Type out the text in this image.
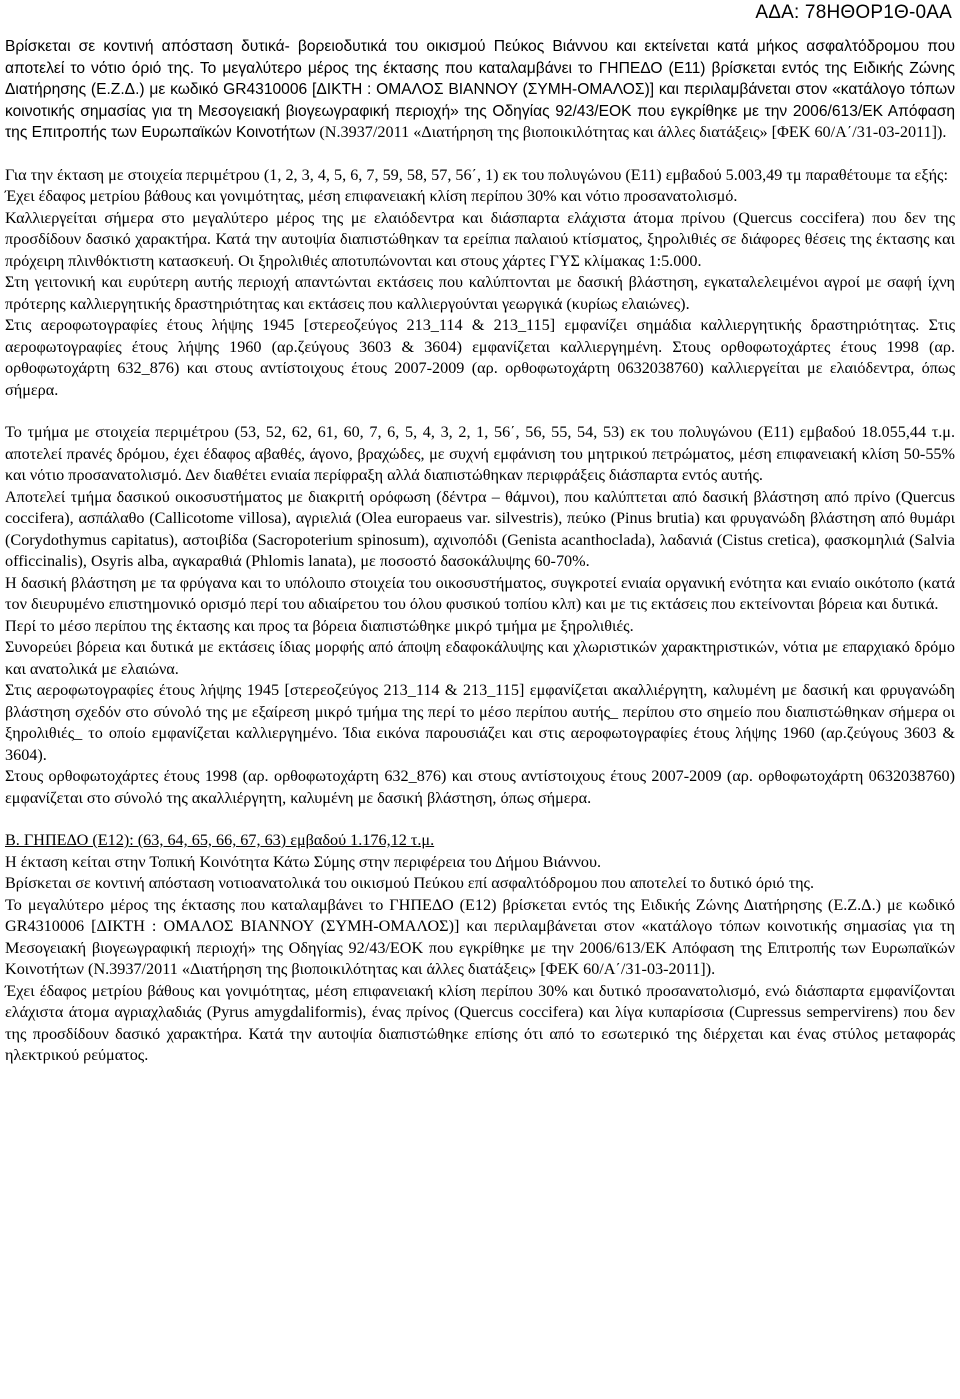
ΑΔΑ: 78ΗΘΟΡ1Θ-0ΑΑ

Βρίσκεται σε κοντινή απόσταση δυτικά- βορειοδυτικά του οικισμού Πεύκος Βιάννου και εκτείνεται κατά μήκος ασφαλτόδρομου που αποτελεί το νότιο όριό της. Το μεγαλύτερο μέρος της έκτασης που καταλαμβάνει το ΓΗΠΕΔΟ (Ε11) βρίσκεται εντός της Ειδικής Ζώνης Διατήρησης (Ε.Ζ.Δ.) με κωδικό GR4310006 [ΔΙΚΤΗ : ΟΜΑΛΟΣ ΒΙΑΝΝΟΥ (ΣΥΜΗ-ΟΜΑΛΟΣ)] και περιλαμβάνεται στον «κατάλογο τόπων κοινοτικής σημασίας για τη Μεσογειακή βιογεωγραφική περιοχή» της Οδηγίας 92/43/ΕΟΚ που εγκρίθηκε με την 2006/613/ΕΚ Απόφαση της Επιτροπής των Ευρωπαϊκών Κοινοτήτων (Ν.3937/2011 «Διατήρηση της βιοποικιλότητας και άλλες διατάξεις» [ΦΕΚ 60/Α΄/31-03-2011]).

Για την έκταση με στοιχεία περιμέτρου (1, 2, 3, 4, 5, 6, 7, 59, 58, 57, 56΄, 1) εκ του πολυγώνου (Ε11) εμβαδού 5.003,49 τμ παραθέτουμε τα εξής:

Έχει έδαφος μετρίου βάθους και γονιμότητας, μέση επιφανειακή κλίση περίπου 30% και νότιο προσανατολισμό.

Καλλιεργείται σήμερα στο μεγαλύτερο μέρος της με ελαιόδεντρα και διάσπαρτα ελάχιστα άτομα πρίνου (Quercus coccifera) που δεν της προσδίδουν δασικό χαρακτήρα. Κατά την αυτοψία διαπιστώθηκαν τα ερείπια παλαιού κτίσματος, ξηρολιθιές σε διάφορες θέσεις της έκτασης και πρόχειρη πλινθόκτιστη κατασκευή. Οι ξηρολιθιές αποτυπώνονται και στους χάρτες ΓΥΣ κλίμακας 1:5.000.

Στη γειτονική και ευρύτερη αυτής περιοχή απαντώνται εκτάσεις που καλύπτονται με δασική βλάστηση, εγκαταλελειμένοι αγροί με σαφή ίχνη πρότερης καλλιεργητικής δραστηριότητας και εκτάσεις που καλλιεργούνται γεωργικά (κυρίως ελαιώνες).

Στις αεροφωτογραφίες έτους λήψης 1945 [στερεοζεύγος 213_114 & 213_115] εμφανίζει σημάδια καλλιεργητικής δραστηριότητας. Στις αεροφωτογραφίες έτους λήψης 1960 (αρ.ζεύγους 3603 & 3604) εμφανίζεται καλλιεργημένη. Στους ορθοφωτοχάρτες έτους 1998 (αρ. ορθοφωτοχάρτη 632_876) και στους αντίστοιχους έτους 2007-2009 (αρ. ορθοφωτοχάρτη 0632038760) καλλιεργείται με ελαιόδεντρα, όπως σήμερα.

Το τμήμα με στοιχεία περιμέτρου (53, 52, 62, 61, 60, 7, 6, 5, 4, 3, 2, 1, 56΄, 56, 55, 54, 53) εκ του πολυγώνου (Ε11) εμβαδού 18.055,44 τ.μ. αποτελεί πρανές δρόμου, έχει έδαφος αβαθές, άγονο, βραχώδες, με συχνή εμφάνιση του μητρικού πετρώματος, μέση επιφανειακή κλίση 50-55% και νότιο προσανατολισμό. Δεν διαθέτει ενιαία περίφραξη αλλά διαπιστώθηκαν περιφράξεις διάσπαρτα εντός αυτής.

Αποτελεί τμήμα δασικού οικοσυστήματος με διακριτή ορόφωση (δέντρα – θάμνοι), που καλύπτεται από δασική βλάστηση από πρίνο (Quercus coccifera), ασπάλαθο (Callicotome villosa), αγριελιά (Olea europaeus var. silvestris), πεύκο (Pinus brutia) και φρυγανώδη βλάστηση από θυμάρι (Corydothymus capitatus), αστοιβίδα (Sacropoterium spinosum), αχινοπόδι (Genista acanthoclada), λαδανιά (Cistus cretica), φασκομηλιά (Salvia officcinalis), Osyris alba, αγκαραθιά (Phlomis lanata), με ποσοστό δασοκάλυψης 60-70%.

Η δασική βλάστηση με τα φρύγανα και το υπόλοιπο στοιχεία του οικοσυστήματος, συγκροτεί ενιαία οργανική ενότητα και ενιαίο οικότοπο (κατά τον διευρυμένο επιστημονικό ορισμό περί του αδιαίρετου του όλου φυσικού τοπίου κλπ) και με τις εκτάσεις που εκτείνονται βόρεια και δυτικά.

Περί το μέσο περίπου της έκτασης και προς τα βόρεια διαπιστώθηκε μικρό τμήμα με ξηρολιθιές.

Συνορεύει βόρεια και δυτικά με εκτάσεις ίδιας μορφής από άποψη εδαφοκάλυψης και χλωριστικών χαρακτηριστικών, νότια με επαρχιακό δρόμο και ανατολικά με ελαιώνα.

Στις αεροφωτογραφίες έτους λήψης 1945 [στερεοζεύγος 213_114 & 213_115] εμφανίζεται ακαλλιέργητη, καλυμένη με δασική και φρυγανώδη βλάστηση σχεδόν στο σύνολό της με εξαίρεση μικρό τμήμα της περί το μέσο περίπου αυτής_ περίπου στο σημείο που διαπιστώθηκαν σήμερα οι ξηρολιθιές_ το οποίο εμφανίζεται καλλιεργημένο. Ίδια εικόνα παρουσιάζει και στις αεροφωτογραφίες έτους λήψης 1960 (αρ.ζεύγους 3603 & 3604).

Στους ορθοφωτοχάρτες έτους 1998 (αρ. ορθοφωτοχάρτη 632_876) και στους αντίστοιχους έτους 2007-2009 (αρ. ορθοφωτοχάρτη 0632038760) εμφανίζεται στο σύνολό της ακαλλιέργητη, καλυμένη με δασική βλάστηση, όπως σήμερα.

Β. ΓΗΠΕΔΟ (Ε12): (63, 64, 65, 66, 67, 63) εμβαδού 1.176,12 τ.μ.

Η έκταση κείται στην Τοπική Κοινότητα Κάτω Σύμης στην περιφέρεια του Δήμου Βιάννου.

Βρίσκεται σε κοντινή απόσταση νοτιοανατολικά του οικισμού Πεύκου επί ασφαλτόδρομου που αποτελεί το δυτικό όριό της.

Το μεγαλύτερο μέρος της έκτασης που καταλαμβάνει το ΓΗΠΕΔΟ (Ε12) βρίσκεται εντός της Ειδικής Ζώνης Διατήρησης (Ε.Ζ.Δ.) με κωδικό GR4310006 [ΔΙΚΤΗ : ΟΜΑΛΟΣ ΒΙΑΝΝΟΥ (ΣΥΜΗ-ΟΜΑΛΟΣ)] και περιλαμβάνεται στον «κατάλογο τόπων κοινοτικής σημασίας για τη Μεσογειακή βιογεωγραφική περιοχή» της Οδηγίας 92/43/ΕΟΚ που εγκρίθηκε με την 2006/613/ΕΚ Απόφαση της Επιτροπής των Ευρωπαϊκών Κοινοτήτων (Ν.3937/2011 «Διατήρηση της βιοποικιλότητας και άλλες διατάξεις» [ΦΕΚ 60/Α΄/31-03-2011]).

Έχει έδαφος μετρίου βάθους και γονιμότητας, μέση επιφανειακή κλίση περίπου 30% και δυτικό προσανατολισμό, ενώ διάσπαρτα εμφανίζονται ελάχιστα άτομα αγριαχλαδιάς (Pyrus amygdaliformis), ένας πρίνος (Quercus coccifera) και λίγα κυπαρίσσια (Cupressus sempervirens) που δεν της προσδίδουν δασικό χαρακτήρα. Κατά την αυτοψία διαπιστώθηκε επίσης ότι από το εσωτερικό της διέρχεται και ένας στύλος μεταφοράς ηλεκτρικού ρεύματος.
